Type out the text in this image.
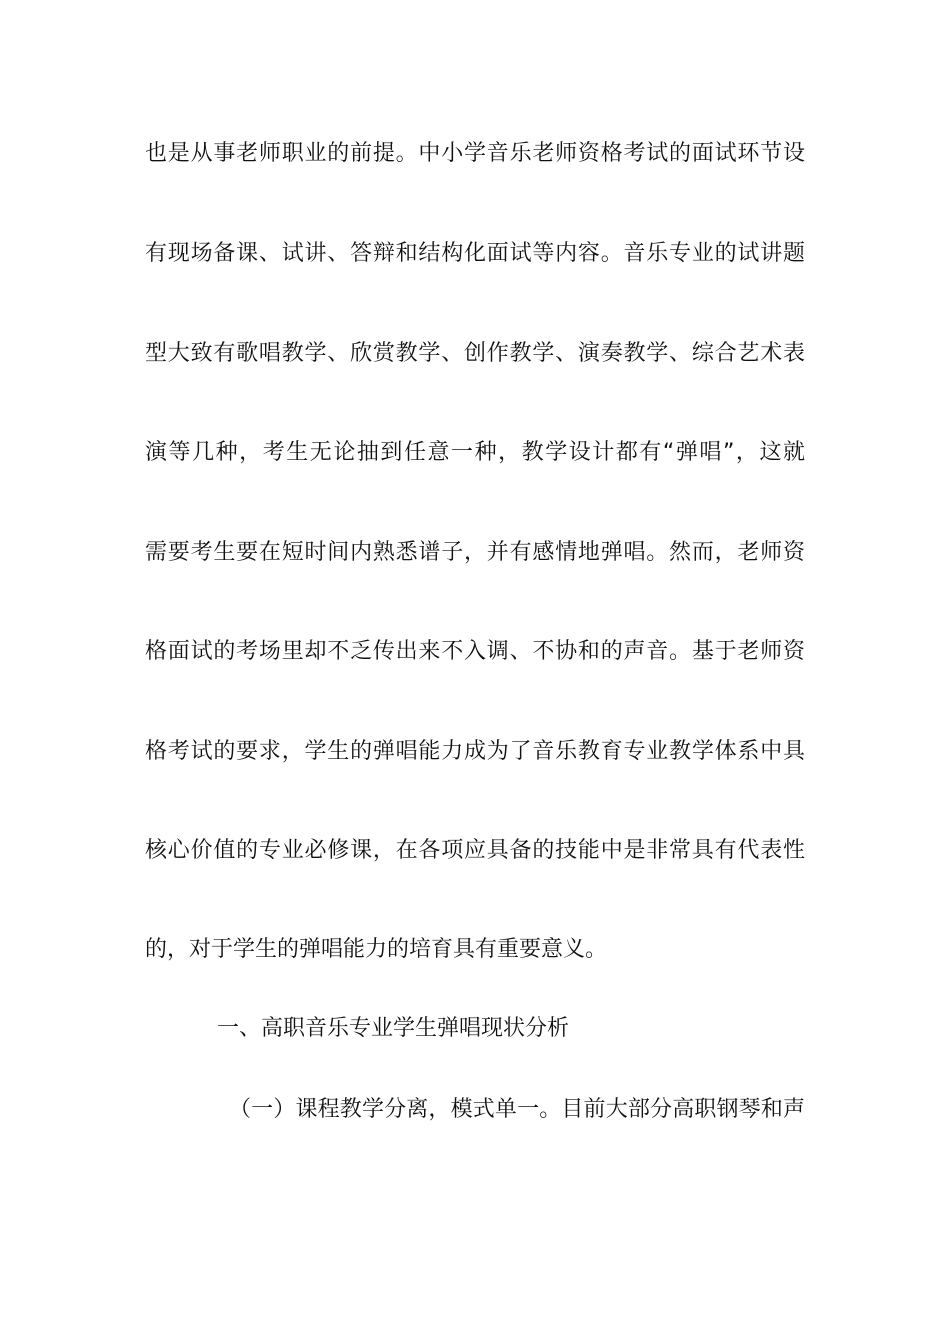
也是从事老师职业的前提。中小学音乐老师资格考试的面试环节设
有现场备课、试讲、答辩和结构化面试等内容。音乐专业的试讲题
型大致有歌唱教学、欣赏教学、创作教学、演奏教学、综合艺术表
演等几种，考生无论抽到任意一种，教学设计都有“弹唱”，这就
需要考生要在短时间内熟悉谱子，并有感情地弹唱。然而，老师资
格面试的考场里却不乏传出来不入调、不协和的声音。基于老师资
格考试的要求，学生的弹唱能力成为了音乐教育专业教学体系中具
核心价值的专业必修课，在各项应具备的技能中是非常具有代表性
的，对于学生的弹唱能力的培育具有重要意义。
一、高职音乐专业学生弹唱现状分析
（一）课程教学分离，模式单一。目前大部分高职钢琴和声
